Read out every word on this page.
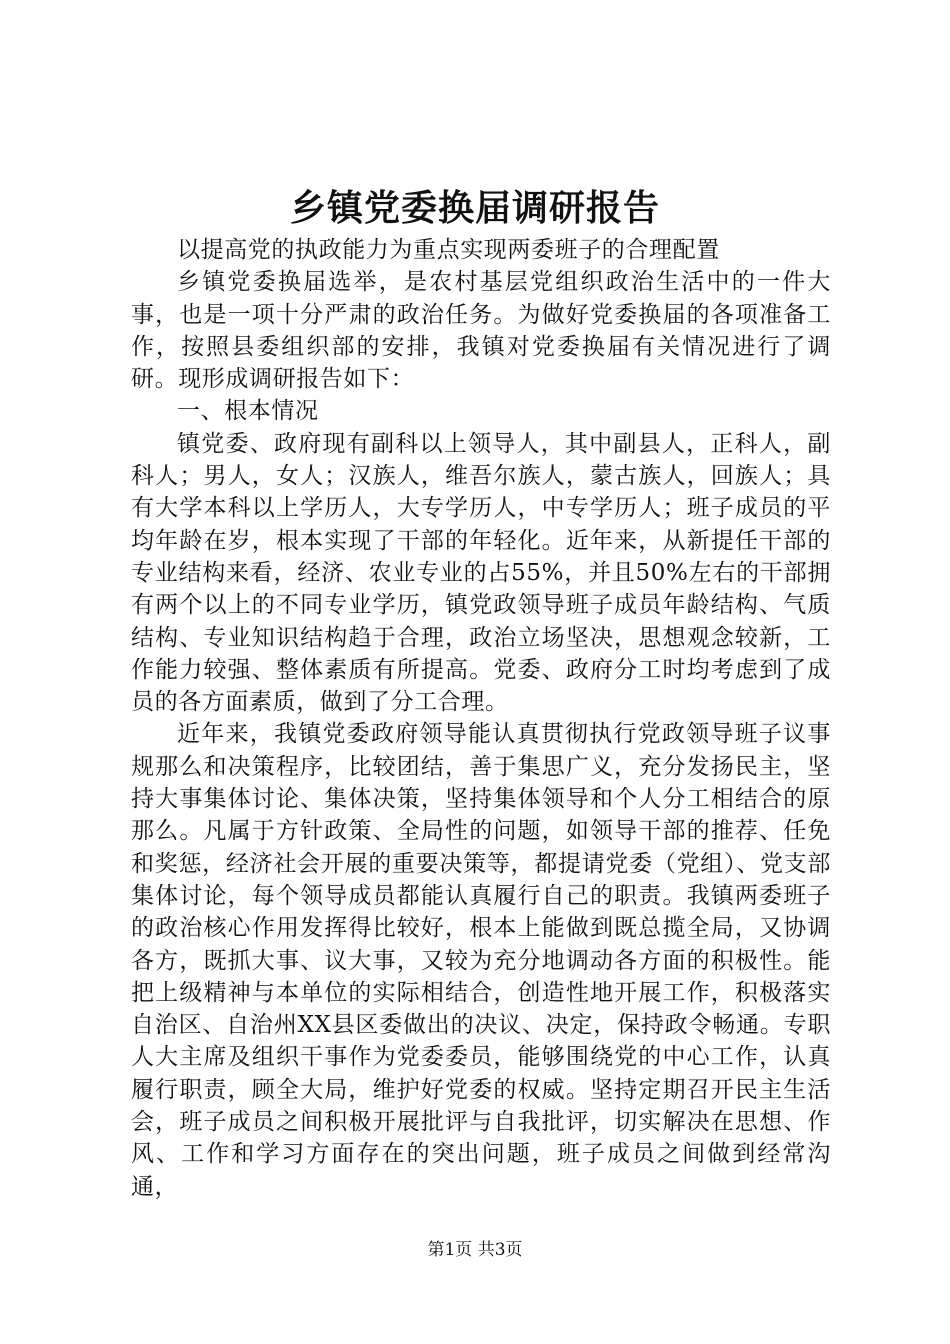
乡镇党委换届调研报告

以提高党的执政能力为重点实现两委班子的合理配置

乡镇党委换届选举，是农村基层党组织政治生活中的一件大事，也是一项十分严肃的政治任务。为做好党委换届的各项准备工作，按照县委组织部的安排，我镇对党委换届有关情况进行了调研。现形成调研报告如下：

一、根本情况

镇党委、政府现有副科以上领导人，其中副县人，正科人，副科人；男人，女人；汉族人，维吾尔族人，蒙古族人，回族人；具有大学本科以上学历人，大专学历人，中专学历人；班子成员的平均年龄在岁，根本实现了干部的年轻化。近年来，从新提任干部的专业结构来看，经济、农业专业的占55%，并且50%左右的干部拥有两个以上的不同专业学历，镇党政领导班子成员年龄结构、气质结构、专业知识结构趋于合理，政治立场坚决，思想观念较新，工作能力较强、整体素质有所提高。党委、政府分工时均考虑到了成员的各方面素质，做到了分工合理。

近年来，我镇党委政府领导能认真贯彻执行党政领导班子议事规那么和决策程序，比较团结，善于集思广义，充分发扬民主，坚持大事集体讨论、集体决策，坚持集体领导和个人分工相结合的原那么。凡属于方针政策、全局性的问题，如领导干部的推荐、任免和奖惩，经济社会开展的重要决策等，都提请党委（党组）、党支部集体讨论，每个领导成员都能认真履行自己的职责。我镇两委班子的政治核心作用发挥得比较好，根本上能做到既总揽全局，又协调各方，既抓大事、议大事，又较为充分地调动各方面的积极性。能把上级精神与本单位的实际相结合，创造性地开展工作，积极落实自治区、自治州XX县区委做出的决议、决定，保持政令畅通。专职人大主席及组织干事作为党委委员，能够围绕党的中心工作，认真履行职责，顾全大局，维护好党委的权威。坚持定期召开民主生活会，班子成员之间积极开展批评与自我批评，切实解决在思想、作风、工作和学习方面存在的突出问题，班子成员之间做到经常沟通，

第1页 共3页
